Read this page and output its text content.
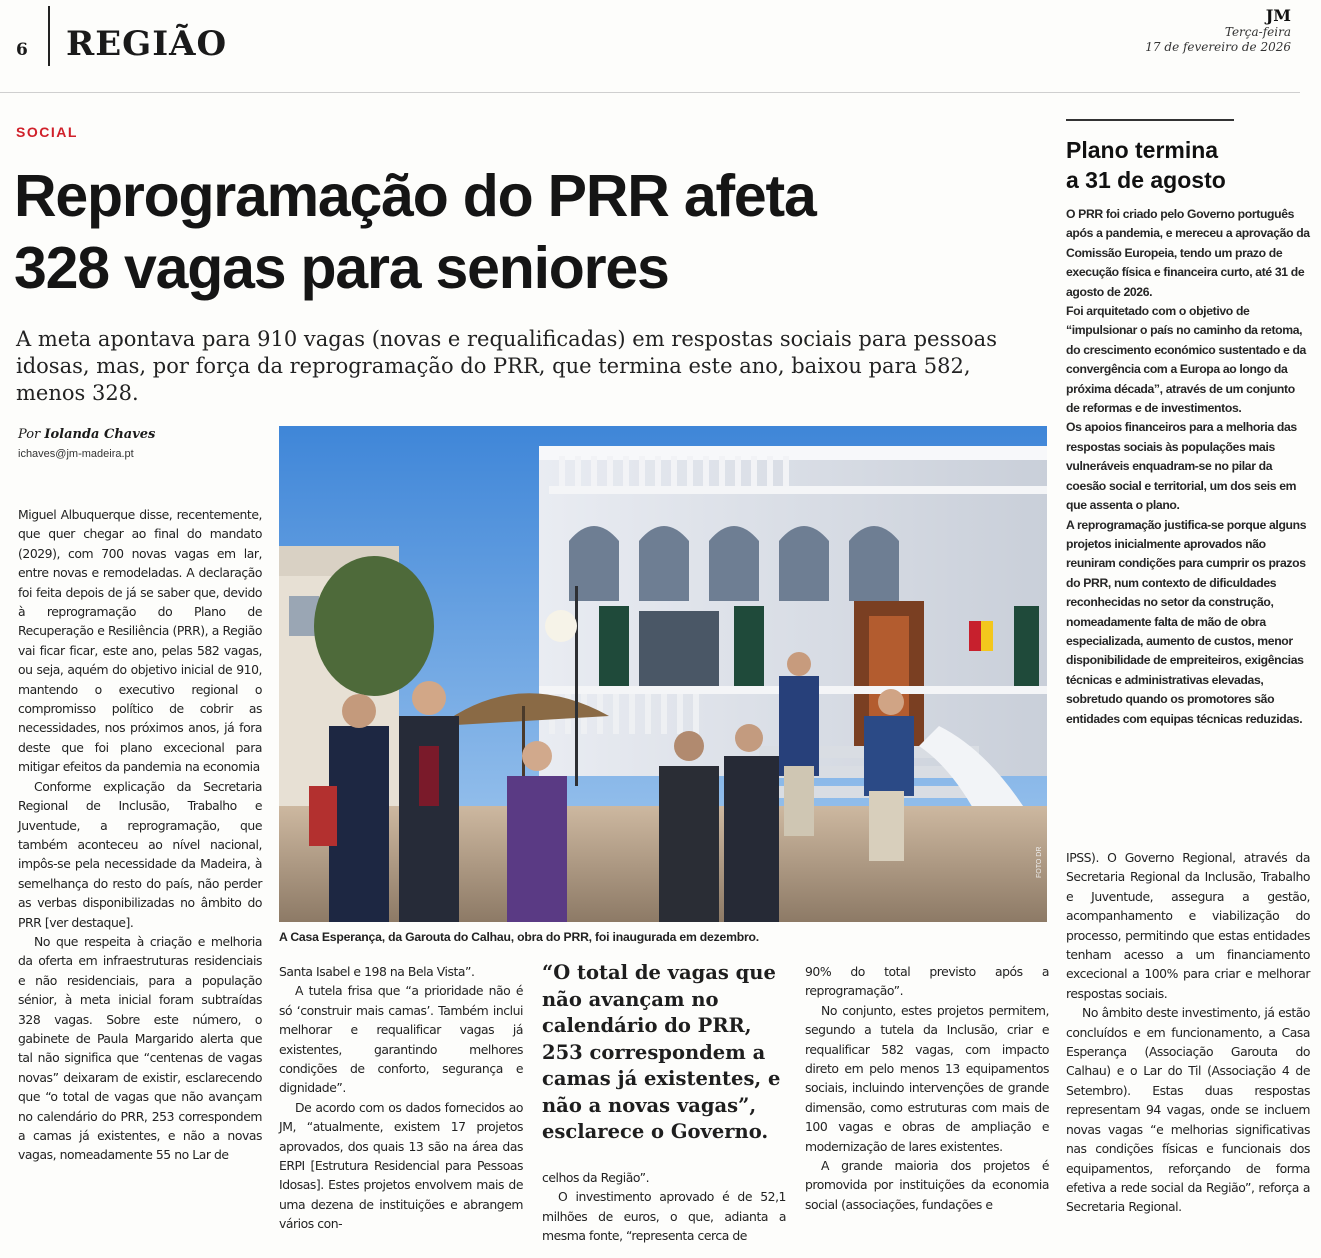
6 REGIÃO
JM
Terça-feira
17 de fevereiro de 2026
SOCIAL
Reprogramação do PRR afeta
328 vagas para seniores
A meta apontava para 910 vagas (novas e requalificadas) em respostas sociais para pessoas idosas, mas, por força da reprogramação do PRR, que termina este ano, baixou para 582, menos 328.
Por Iolanda Chaves
ichaves@jm-madeira.pt

Miguel Albuquerque disse, recentemente, que quer chegar ao final do mandato (2029), com 700 novas vagas em lar, entre novas e remodeladas. A declaração foi feita depois de já se saber que, devido à reprogramação do Plano de Recuperação e Resiliência (PRR), a Região vai ficar ficar, este ano, pelas 582 vagas, ou seja, aquém do objetivo inicial de 910, mantendo o executivo regional o compromisso político de cobrir as necessidades, nos próximos anos, já fora deste que foi plano excecional para mitigar efeitos da pandemia na economia

Conforme explicação da Secretaria Regional de Inclusão, Trabalho e Juventude, a reprogramação, que também aconteceu ao nível nacional, impôs-se pela necessidade da Madeira, à semelhança do resto do país, não perder as verbas disponibilizadas no âmbito do PRR [ver destaque].

No que respeita à criação e melhoria da oferta em infraestruturas residenciais e não residenciais, para a população sénior, à meta inicial foram subtraídas 328 vagas. Sobre este número, o gabinete de Paula Margarido alerta que tal não significa que “centenas de vagas novas” deixaram de existir, esclarecendo que “o total de vagas que não avançam no calendário do PRR, 253 correspondem a camas já existentes, e não a novas vagas, nomeadamente 55 no Lar de

FOTO DR
A Casa Esperança, da Garouta do Calhau, obra do PRR, foi inaugurada em dezembro.

Santa Isabel e 198 na Bela Vista”.

A tutela frisa que “a prioridade não é só ‘construir mais camas’. Também inclui melhorar e requalificar vagas já existentes, garantindo melhores condições de conforto, segurança e dignidade”.

De acordo com os dados fornecidos ao JM, “atualmente, existem 17 projetos aprovados, dos quais 13 são na área das ERPI [Estrutura Residencial para Pessoas Idosas]. Estes projetos envolvem mais de uma dezena de instituições e abrangem vários con-

“O total de vagas que não avançam no calendário do PRR, 253 correspondem a camas já existentes, e não a novas vagas”, esclarece o Governo.

celhos da Região”.

O investimento aprovado é de 52,1 milhões de euros, o que, adianta a mesma fonte, “representa cerca de

90% do total previsto após a reprogramação”.

No conjunto, estes projetos permitem, segundo a tutela da Inclusão, criar e requalificar 582 vagas, com impacto direto em pelo menos 13 equipamentos sociais, incluindo intervenções de grande dimensão, como estruturas com mais de 100 vagas e obras de ampliação e modernização de lares existentes.

A grande maioria dos projetos é promovida por instituições da economia social (associações, fundações e

Plano termina
a 31 de agosto

O PRR foi criado pelo Governo português após a pandemia, e mereceu a aprovação da Comissão Europeia, tendo um prazo de execução física e financeira curto, até 31 de agosto de 2026.

Foi arquitetado com o objetivo de “impulsionar o país no caminho da retoma, do crescimento económico sustentado e da convergência com a Europa ao longo da próxima década”, através de um conjunto de reformas e de investimentos.

Os apoios financeiros para a melhoria das respostas sociais às populações mais vulneráveis enquadram-se no pilar da coesão social e territorial, um dos seis em que assenta o plano.

A reprogramação justifica-se porque alguns projetos inicialmente aprovados não reuniram condições para cumprir os prazos do PRR, num contexto de dificuldades reconhecidas no setor da construção, nomeadamente falta de mão de obra especializada, aumento de custos, menor disponibilidade de empreiteiros, exigências técnicas e administrativas elevadas, sobretudo quando os promotores são entidades com equipas técnicas reduzidas.

IPSS). O Governo Regional, através da Secretaria Regional da Inclusão, Trabalho e Juventude, assegura a gestão, acompanhamento e viabilização do processo, permitindo que estas entidades tenham acesso a um financiamento excecional a 100% para criar e melhorar respostas sociais.

No âmbito deste investimento, já estão concluídos e em funcionamento, a Casa Esperança (Associação Garouta do Calhau) e o Lar do Til (Associação 4 de Setembro). Estas duas respostas representam 94 vagas, onde se incluem novas vagas “e melhorias significativas nas condições físicas e funcionais dos equipamentos, reforçando de forma efetiva a rede social da Região”, reforça a Secretaria Regional.
